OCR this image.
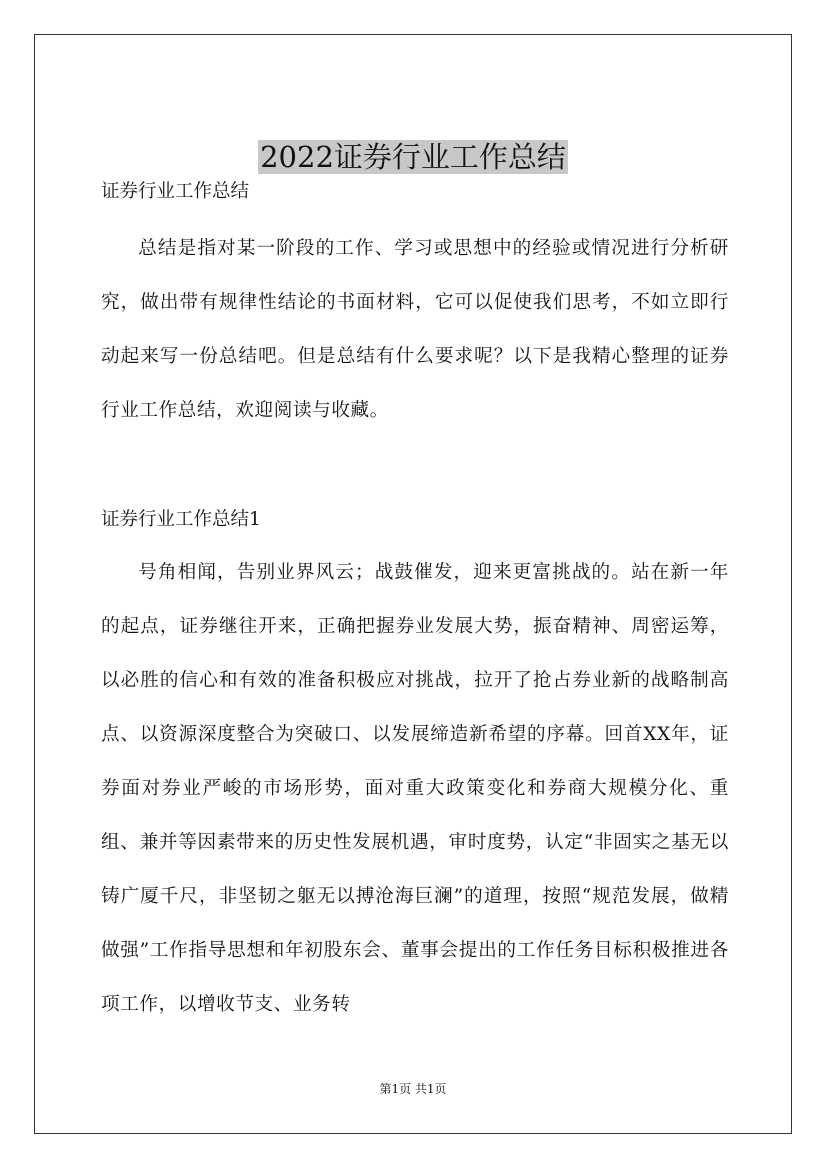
2022证券行业工作总结

证券行业工作总结

总结是指对某一阶段的工作、学习或思想中的经验或情况进行分析研究，做出带有规律性结论的书面材料，它可以促使我们思考，不如立即行动起来写一份总结吧。但是总结有什么要求呢？以下是我精心整理的证券行业工作总结，欢迎阅读与收藏。

证券行业工作总结1

号角相闻，告别业界风云；战鼓催发，迎来更富挑战的。站在新一年的起点，证券继往开来，正确把握券业发展大势，振奋精神、周密运筹，以必胜的信心和有效的准备积极应对挑战，拉开了抢占券业新的战略制高点、以资源深度整合为突破口、以发展缔造新希望的序幕。回首XX年，证券面对券业严峻的市场形势，面对重大政策变化和券商大规模分化、重组、兼并等因素带来的历史性发展机遇，审时度势，认定“非固实之基无以铸广厦千尺，非坚韧之躯无以搏沧海巨澜”的道理，按照“规范发展，做精做强”工作指导思想和年初股东会、董事会提出的工作任务目标积极推进各项工作，以增收节支、业务转

第1页 共1页
